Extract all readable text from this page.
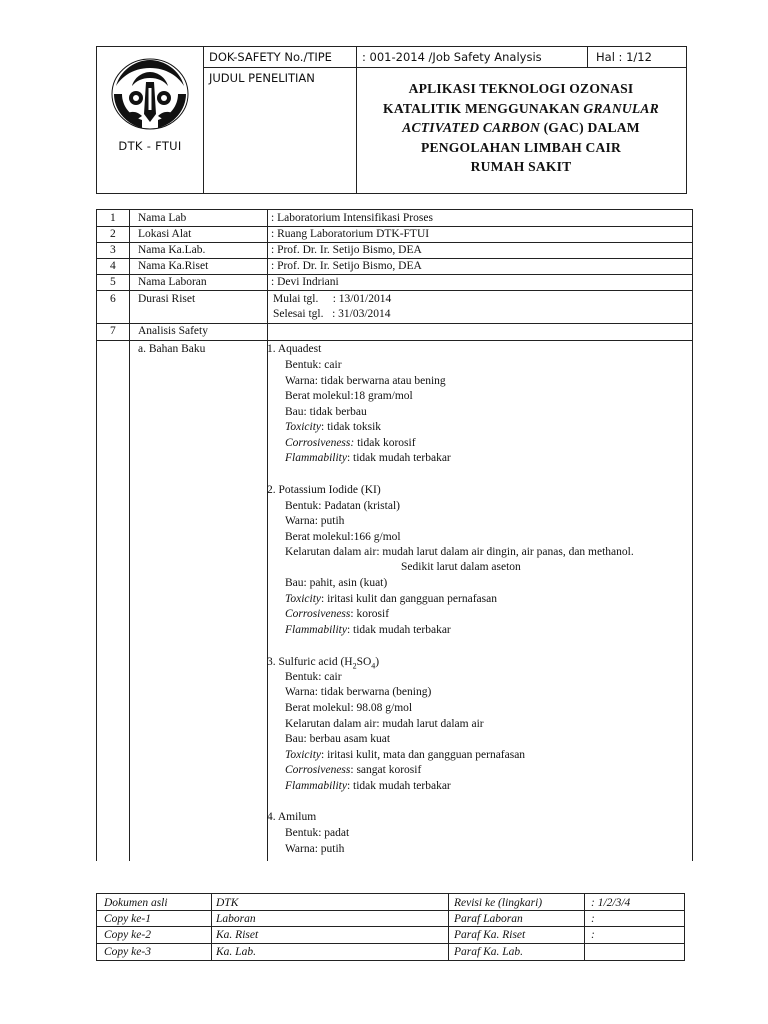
DTK - FTUI
DOK-SAFETY No./TIPE	: 001-2014 /Job Safety Analysis	Hal : 1/12
JUDUL PENELITIAN
APLIKASI TEKNOLOGI OZONASI
KATALITIK MENGGUNAKAN GRANULAR
ACTIVATED CARBON (GAC) DALAM
PENGOLAHAN LIMBAH CAIR
RUMAH SAKIT
1 Nama Lab	: Laboratorium Intensifikasi Proses
2 Lokasi Alat	: Ruang Laboratorium DTK-FTUI
3 Nama Ka.Lab.	: Prof. Dr. Ir. Setijo Bismo, DEA
4 Nama Ka.Riset	: Prof. Dr. Ir. Setijo Bismo, DEA
5 Nama Laboran	: Devi Indriani
6 Durasi Riset	Mulai tgl.     : 13/01/2014
Selesai tgl.   : 31/03/2014
7 Analisis Safety
a. Bahan Baku	1. Aquadest
Bentuk: cair
Warna: tidak berwarna atau bening
Berat molekul:18 gram/mol
Bau: tidak berbau
Toxicity: tidak toksik
Corrosiveness: tidak korosif
Flammability: tidak mudah terbakar
2. Potassium Iodide (KI)
Bentuk: Padatan (kristal)
Warna: putih
Berat molekul:166 g/mol
Kelarutan dalam air: mudah larut dalam air dingin, air panas, dan methanol.
Sedikit larut dalam aseton
Bau: pahit, asin (kuat)
Toxicity: iritasi kulit dan gangguan pernafasan
Corrosiveness: korosif
Flammability: tidak mudah terbakar
3. Sulfuric acid $(H_2SO_4)$
Bentuk: cair
Warna: tidak berwarna (bening)
Berat molekul: 98.08 g/mol
Kelarutan dalam air: mudah larut dalam air
Bau: berbau asam kuat
Toxicity: iritasi kulit, mata dan gangguan pernafasan
Corrosiveness: sangat korosif
Flammability: tidak mudah terbakar
4. Amilum
Bentuk: padat
Warna: putih
Dokumen asli	DTK	Revisi ke (lingkari)	: 1/2/3/4
Copy ke-1	Laboran	Paraf Laboran	:
Copy ke-2	Ka. Riset	Paraf Ka. Riset	:
Copy ke-3	Ka. Lab.	Paraf Ka. Lab.
